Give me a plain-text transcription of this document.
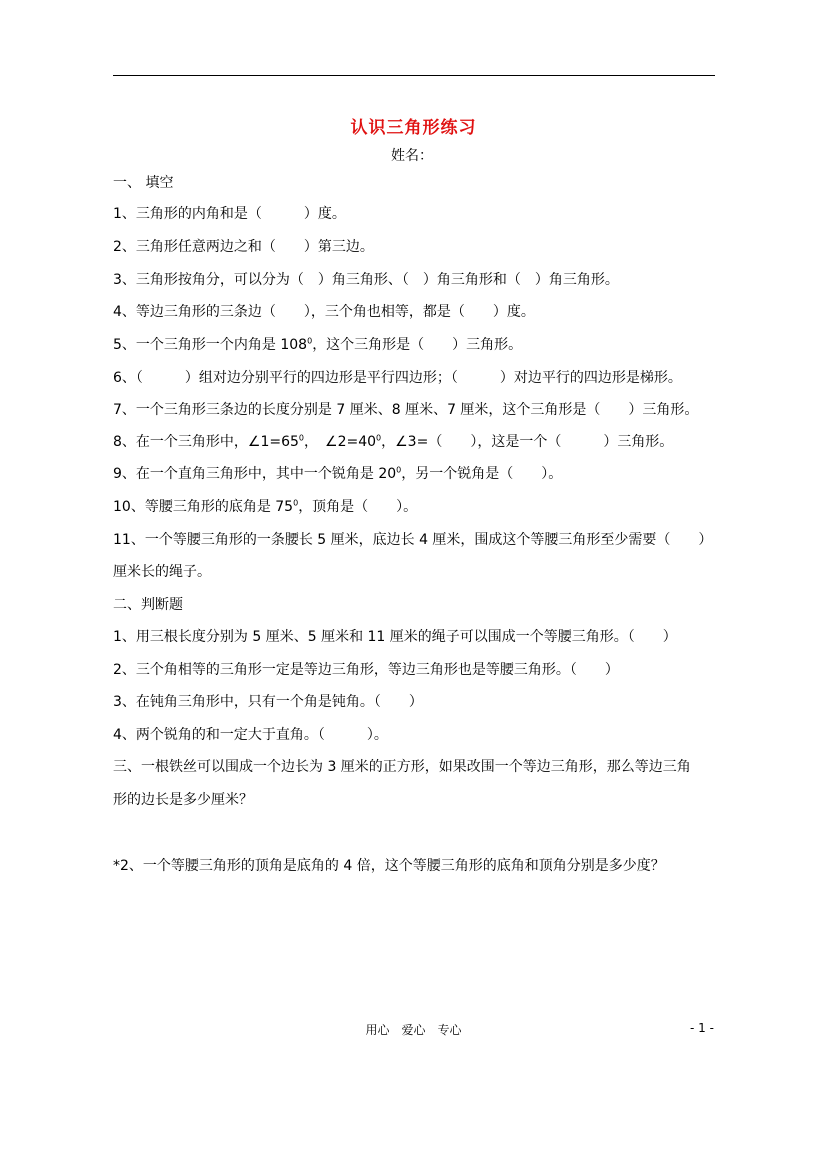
认识三角形练习
姓名：
一、 填空
1、三角形的内角和是（　　　）度。
2、三角形任意两边之和（　　）第三边。
3、三角形按角分，可以分为（　）角三角形、（　）角三角形和（　）角三角形。
4、等边三角形的三条边（　　），三个角也相等，都是（　　）度。
5、一个三角形一个内角是 $108^0$，这个三角形是（　　）三角形。
6、（　　　）组对边分别平行的四边形是平行四边形；（　　　）对边平行的四边形是梯形。
7、一个三角形三条边的长度分别是 7 厘米、8 厘米、7 厘米，这个三角形是（　　）三角形。
8、在一个三角形中，$\angle 1=65^0$，　$\angle 2=40^0$，∠3=（　　），这是一个（　　　）三角形。
9、在一个直角三角形中，其中一个锐角是 $20^0$，另一个锐角是（　　）。
10、等腰三角形的底角是 $75^0$，顶角是（　　）。
11、一个等腰三角形的一条腰长 5 厘米，底边长 4 厘米，围成这个等腰三角形至少需要（　　）
厘米长的绳子。
二、判断题
1、用三根长度分别为 5 厘米、5 厘米和 11 厘米的绳子可以围成一个等腰三角形。（　　）
2、三个角相等的三角形一定是等边三角形，等边三角形也是等腰三角形。（　　）
3、在钝角三角形中，只有一个角是钝角。（　　）
4、两个锐角的和一定大于直角。（　　　）。
三、一根铁丝可以围成一个边长为 3 厘米的正方形，如果改围一个等边三角形，那么等边三角
形的边长是多少厘米？
*2、一个等腰三角形的顶角是底角的 4 倍，这个等腰三角形的底角和顶角分别是多少度？
用心　爱心　专心	- 1 -
